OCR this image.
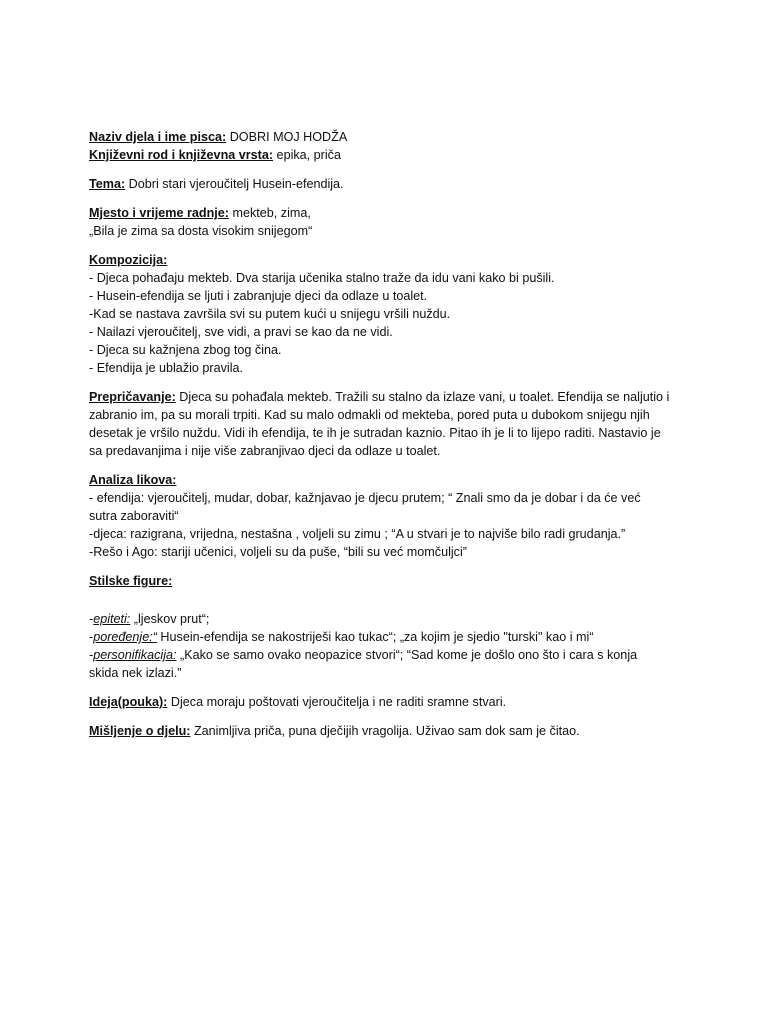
Naziv djela i ime pisca: DOBRI MOJ HODŽA
Književni rod i književna vrsta: epika, priča
Tema: Dobri stari vjeroučitelj Husein-efendija.
Mjesto i vrijeme radnje: mekteb, zima,
„Bila je zima sa dosta visokim snijegom“
Kompozicija:
- Djeca pohađaju mekteb. Dva starija učenika stalno traže da idu vani kako bi pušili.
- Husein-efendija se ljuti i zabranjuje djeci da odlaze u toalet.
-Kad se nastava završila svi su putem kući u snijegu vršili nuždu.
- Nailazi vjeroučitelj, sve vidi, a pravi se kao da ne vidi.
- Djeca su kažnjena zbog tog čina.
- Efendija je ublažio pravila.
Prepričavanje: Djeca su pohađala mekteb. Tražili su stalno da izlaze vani, u toalet. Efendija se naljutio i
zabranio im, pa su morali trpiti. Kad su malo odmakli od mekteba, pored puta u dubokom snijegu njih
desetak je vršilo nuždu. Vidi ih efendija, te ih je sutradan kaznio. Pitao ih je li to lijepo raditi. Nastavio je
sa predavanjima i nije više zabranjivao djeci da odlaze u toalet.
Analiza likova:
- efendija: vjeroučitelj, mudar, dobar, kažnjavao je djecu prutem; “ Znali smo da je dobar i da će već
sutra zaboraviti“
-djeca: razigrana, vrijedna, nestašna , voljeli su zimu ; “A u stvari je to najviše bilo radi grudanja.”
-Rešo i Ago: stariji učenici, voljeli su da puše, “bili su već momčuljci”
Stilske figure:
-epiteti: „ljeskov prut“;
-poređenje:“ Husein-efendija se nakostriješi kao tukac“; „za kojim je sjedio "turski" kao i mi“
-personifikacija: „Kako se samo ovako neopazice stvori“; “Sad kome je došlo ono što i cara s konja
skida nek izlazi.”
Ideja(pouka): Djeca moraju poštovati vjeroučitelja i ne raditi sramne stvari.
Mišljenje o djelu: Zanimljiva priča, puna dječijih vragolija. Uživao sam dok sam je čitao.
